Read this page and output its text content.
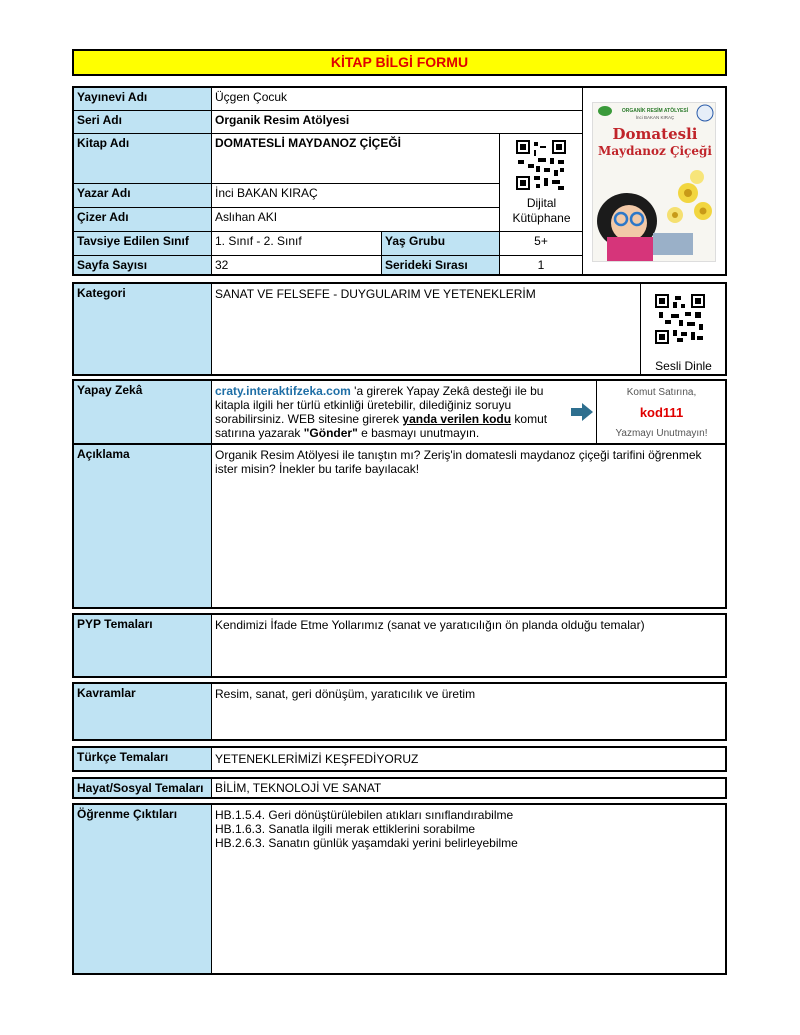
KİTAP BİLGİ FORMU
Yayınevi Adı	Üçgen Çocuk
Seri Adı	Organik Resim Atölyesi
Kitap Adı	DOMATESLİ MAYDANOZ ÇİÇEĞİ
Dijital Kütüphane
Yazar Adı	İnci BAKAN KIRAÇ
Çizer Adı	Aslıhan AKI
Tavsiye Edilen Sınıf	1. Sınıf - 2. Sınıf	Yaş Grubu	5+
Sayfa Sayısı	32	Serideki Sırası	1
ORGANİK RESİM ATÖLYESİ
İnci BAKAN KIRAÇ
Domatesli
Maydanoz Çiçeği
Kategori	SANAT VE FELSEFE - DUYGULARIM VE YETENEKLERİM
Sesli Dinle
Yapay Zekâ	craty.interaktifzeka.com 'a girerek Yapay Zekâ desteği ile bu kitapla ilgili her türlü etkinliği üretebilir, dilediğiniz soruyu sorabilirsiniz. WEB sitesine girerek yanda verilen kodu komut satırına yazarak "Gönder" e basmayı unutmayın.
Komut Satırına,
kod111
Yazmayı Unutmayın!
Açıklama	Organik Resim Atölyesi ile tanıştın mı? Zeriş'in domatesli maydanoz çiçeği tarifini öğrenmek ister misin? İnekler bu tarife bayılacak!
PYP Temaları	Kendimizi İfade Etme Yollarımız (sanat ve yaratıcılığın ön planda olduğu temalar)
Kavramlar	Resim, sanat, geri dönüşüm, yaratıcılık ve üretim
Türkçe Temaları	YETENEKLERİMİZİ KEŞFEDİYORUZ
Hayat/Sosyal Temaları BİLİM, TEKNOLOJİ VE SANAT
Öğrenme Çıktıları	HB.1.5.4. Geri dönüştürülebilen atıkları sınıflandırabilme
HB.1.6.3. Sanatla ilgili merak ettiklerini sorabilme
HB.2.6.3. Sanatın günlük yaşamdaki yerini belirleyebilme
